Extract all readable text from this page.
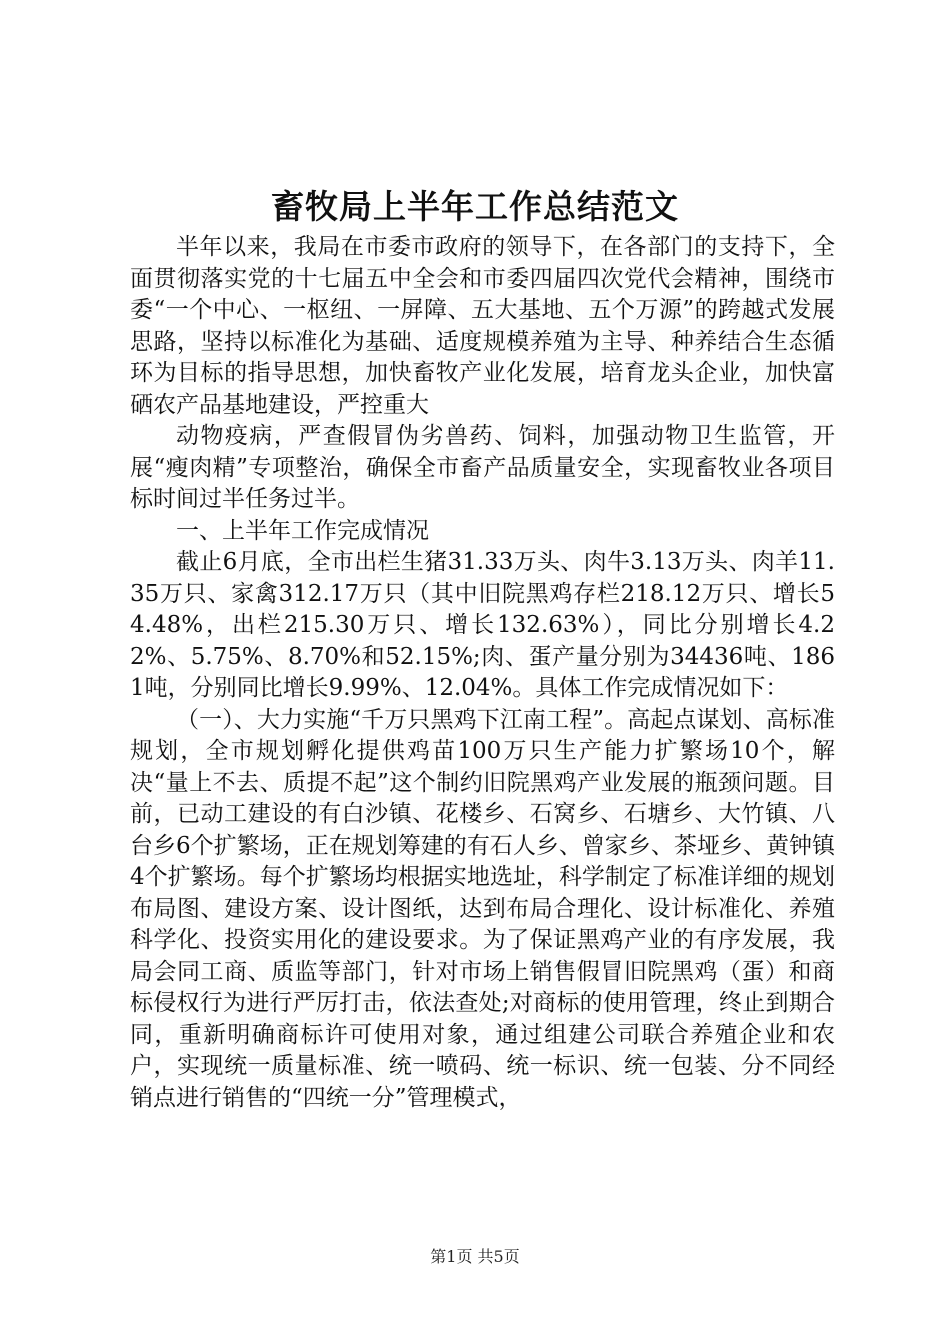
畜牧局上半年工作总结范文

半年以来，我局在市委市政府的领导下，在各部门的支持下，全面贯彻落实党的十七届五中全会和市委四届四次党代会精神，围绕市委“一个中心、一枢纽、一屏障、五大基地、五个万源”的跨越式发展思路，坚持以标准化为基础、适度规模养殖为主导、种养结合生态循环为目标的指导思想，加快畜牧产业化发展，培育龙头企业，加快富硒农产品基地建设，严控重大

动物疫病，严查假冒伪劣兽药、饲料，加强动物卫生监管，开展“瘦肉精”专项整治，确保全市畜产品质量安全，实现畜牧业各项目标时间过半任务过半。

一、上半年工作完成情况

截止6月底，全市出栏生猪31.33万头、肉牛3.13万头、肉羊11.35万只、家禽312.17万只（其中旧院黑鸡存栏218.12万只、增长54.48%，出栏215.30万只、增长132.63%），同比分别增长4.22%、5.75%、8.70%和52.15%;肉、蛋产量分别为34436吨、1861吨，分别同比增长9.99%、12.04%。具体工作完成情况如下：

（一）、大力实施“千万只黑鸡下江南工程”。高起点谋划、高标准规划，全市规划孵化提供鸡苗100万只生产能力扩繁场10个，解决“量上不去、质提不起”这个制约旧院黑鸡产业发展的瓶颈问题。目前，已动工建设的有白沙镇、花楼乡、石窝乡、石塘乡、大竹镇、八台乡6个扩繁场，正在规划筹建的有石人乡、曾家乡、茶垭乡、黄钟镇4个扩繁场。每个扩繁场均根据实地选址，科学制定了标准详细的规划布局图、建设方案、设计图纸，达到布局合理化、设计标准化、养殖科学化、投资实用化的建设要求。为了保证黑鸡产业的有序发展，我局会同工商、质监等部门，针对市场上销售假冒旧院黑鸡（蛋）和商标侵权行为进行严厉打击，依法查处;对商标的使用管理，终止到期合同，重新明确商标许可使用对象，通过组建公司联合养殖企业和农户，实现统一质量标准、统一喷码、统一标识、统一包装、分不同经销点进行销售的“四统一分”管理模式，

第1页 共5页
